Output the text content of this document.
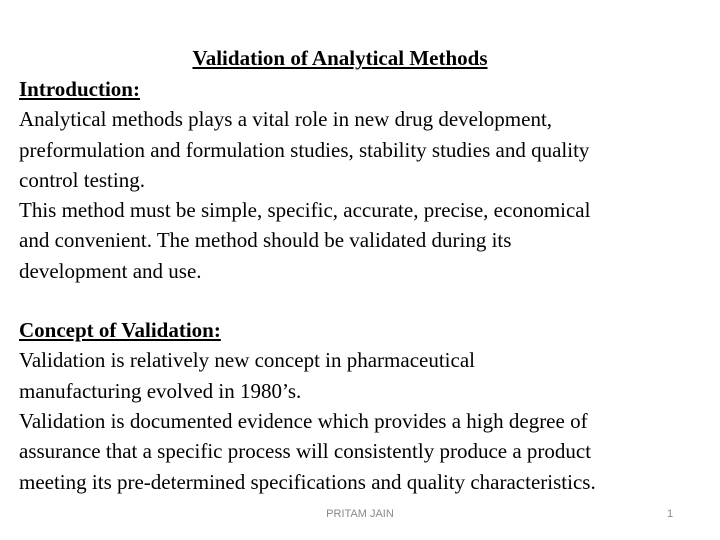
Validation of Analytical Methods
Introduction:
Analytical methods plays a vital role in new drug development,
preformulation and formulation studies, stability studies and quality
control testing.
This method must be simple, specific, accurate, precise, economical
and convenient. The method should be validated during its
development and use.
Concept of Validation:
Validation is relatively new concept in pharmaceutical
manufacturing evolved in 1980’s.
Validation is documented evidence which provides a high degree of
assurance that a specific process will consistently produce a product
meeting its pre-determined specifications and quality characteristics.
PRITAM JAIN	1
